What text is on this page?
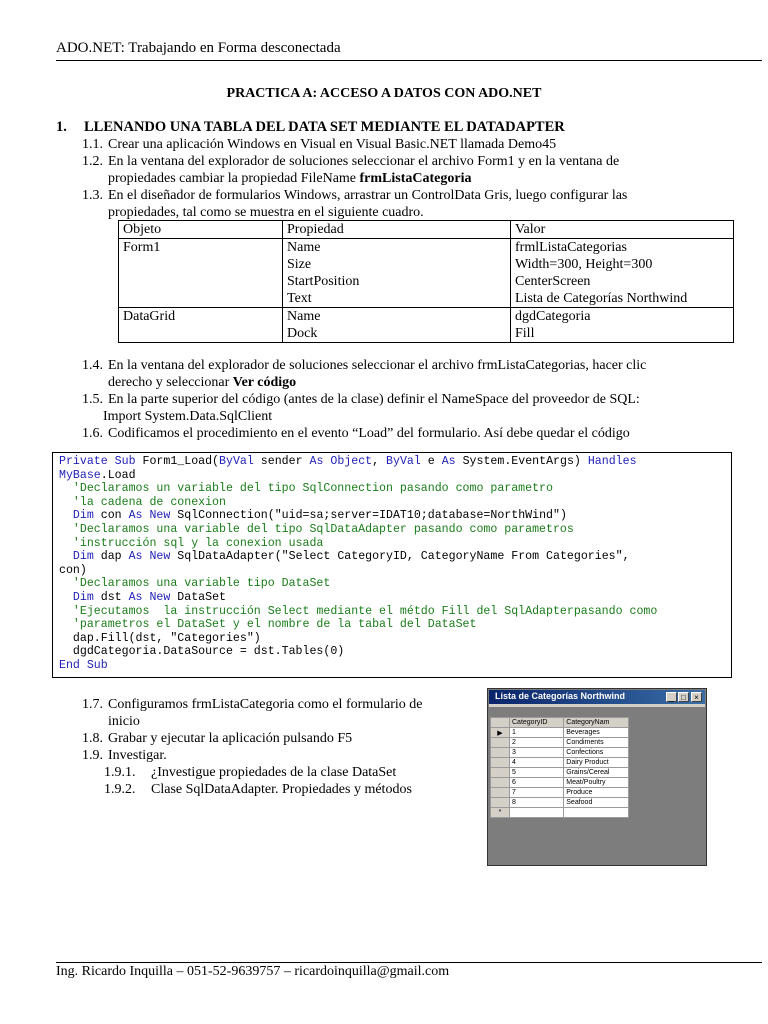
ADO.NET: Trabajando en Forma desconectada
PRACTICA A: ACCESO A DATOS CON ADO.NET
1. LLENANDO UNA TABLA DEL DATA SET MEDIANTE EL DATADAPTER
1.1. Crear una aplicación Windows en Visual en Visual Basic.NET llamada Demo45
1.2. En la ventana del explorador de soluciones seleccionar el archivo Form1 y en la ventana de
propiedades cambiar la propiedad FileName frmListaCategoria
1.3. En el diseñador de formularios Windows, arrastrar un ControlData Gris, luego configurar las
propiedades, tal como se muestra en el siguiente cuadro.
Objeto	Propiedad	Valor
Form1	Name	frmlListaCategorias
	Size	Width=300, Height=300
	StartPosition	CenterScreen
	Text	Lista de Categorías Northwind
DataGrid	Name	dgdCategoria
	Dock	Fill
1.4. En la ventana del explorador de soluciones seleccionar el archivo frmListaCategorias, hacer clic
derecho y seleccionar Ver código
1.5. En la parte superior del código (antes de la clase) definir el NameSpace del proveedor de SQL:
Import System.Data.SqlClient
1.6. Codificamos el procedimiento en el evento “Load” del formulario. Así debe quedar el código
Private Sub Form1_Load(ByVal sender As Object, ByVal e As System.EventArgs) Handles
MyBase.Load
'Declaramos un variable del tipo SqlConnection pasando como parametro
'la cadena de conexion
Dim con As New SqlConnection("uid=sa;server=IDAT10;database=NorthWind")
'Declaramos una variable del tipo SqlDataAdapter pasando como parametros
'instrucción sql y la conexion usada
Dim dap As New SqlDataAdapter("Select CategoryID, CategoryName From Categories",
con)
'Declaramos una variable tipo DataSet
Dim dst As New DataSet
'Ejecutamos  la instrucción Select mediante el métdo Fill del SqlAdapterpasando como
'parametros el DataSet y el nombre de la tabal del DataSet
dap.Fill(dst, "Categories")
dgdCategoria.DataSource = dst.Tables(0)
End Sub
1.7. Configuramos frmListaCategoria como el formulario de
inicio
1.8. Grabar y ejecutar la aplicación pulsando F5
1.9. Investigar.
1.9.1. ¿Investigue propiedades de la clase DataSet
1.9.2. Clase SqlDataAdapter. Propiedades y métodos
Lista de Categorías Northwind	_ □	×
	CategoryID	CategoryNam
▶	1	Beverages
	2	Condiments
	3	Confections
	4	Dairy Product
	5	Grains/Cereal
	6	Meat/Poultry
	7	Produce
	8	Seafood
*		
Ing. Ricardo Inquilla – 051-52-9639757 – ricardoinquilla@gmail.com
